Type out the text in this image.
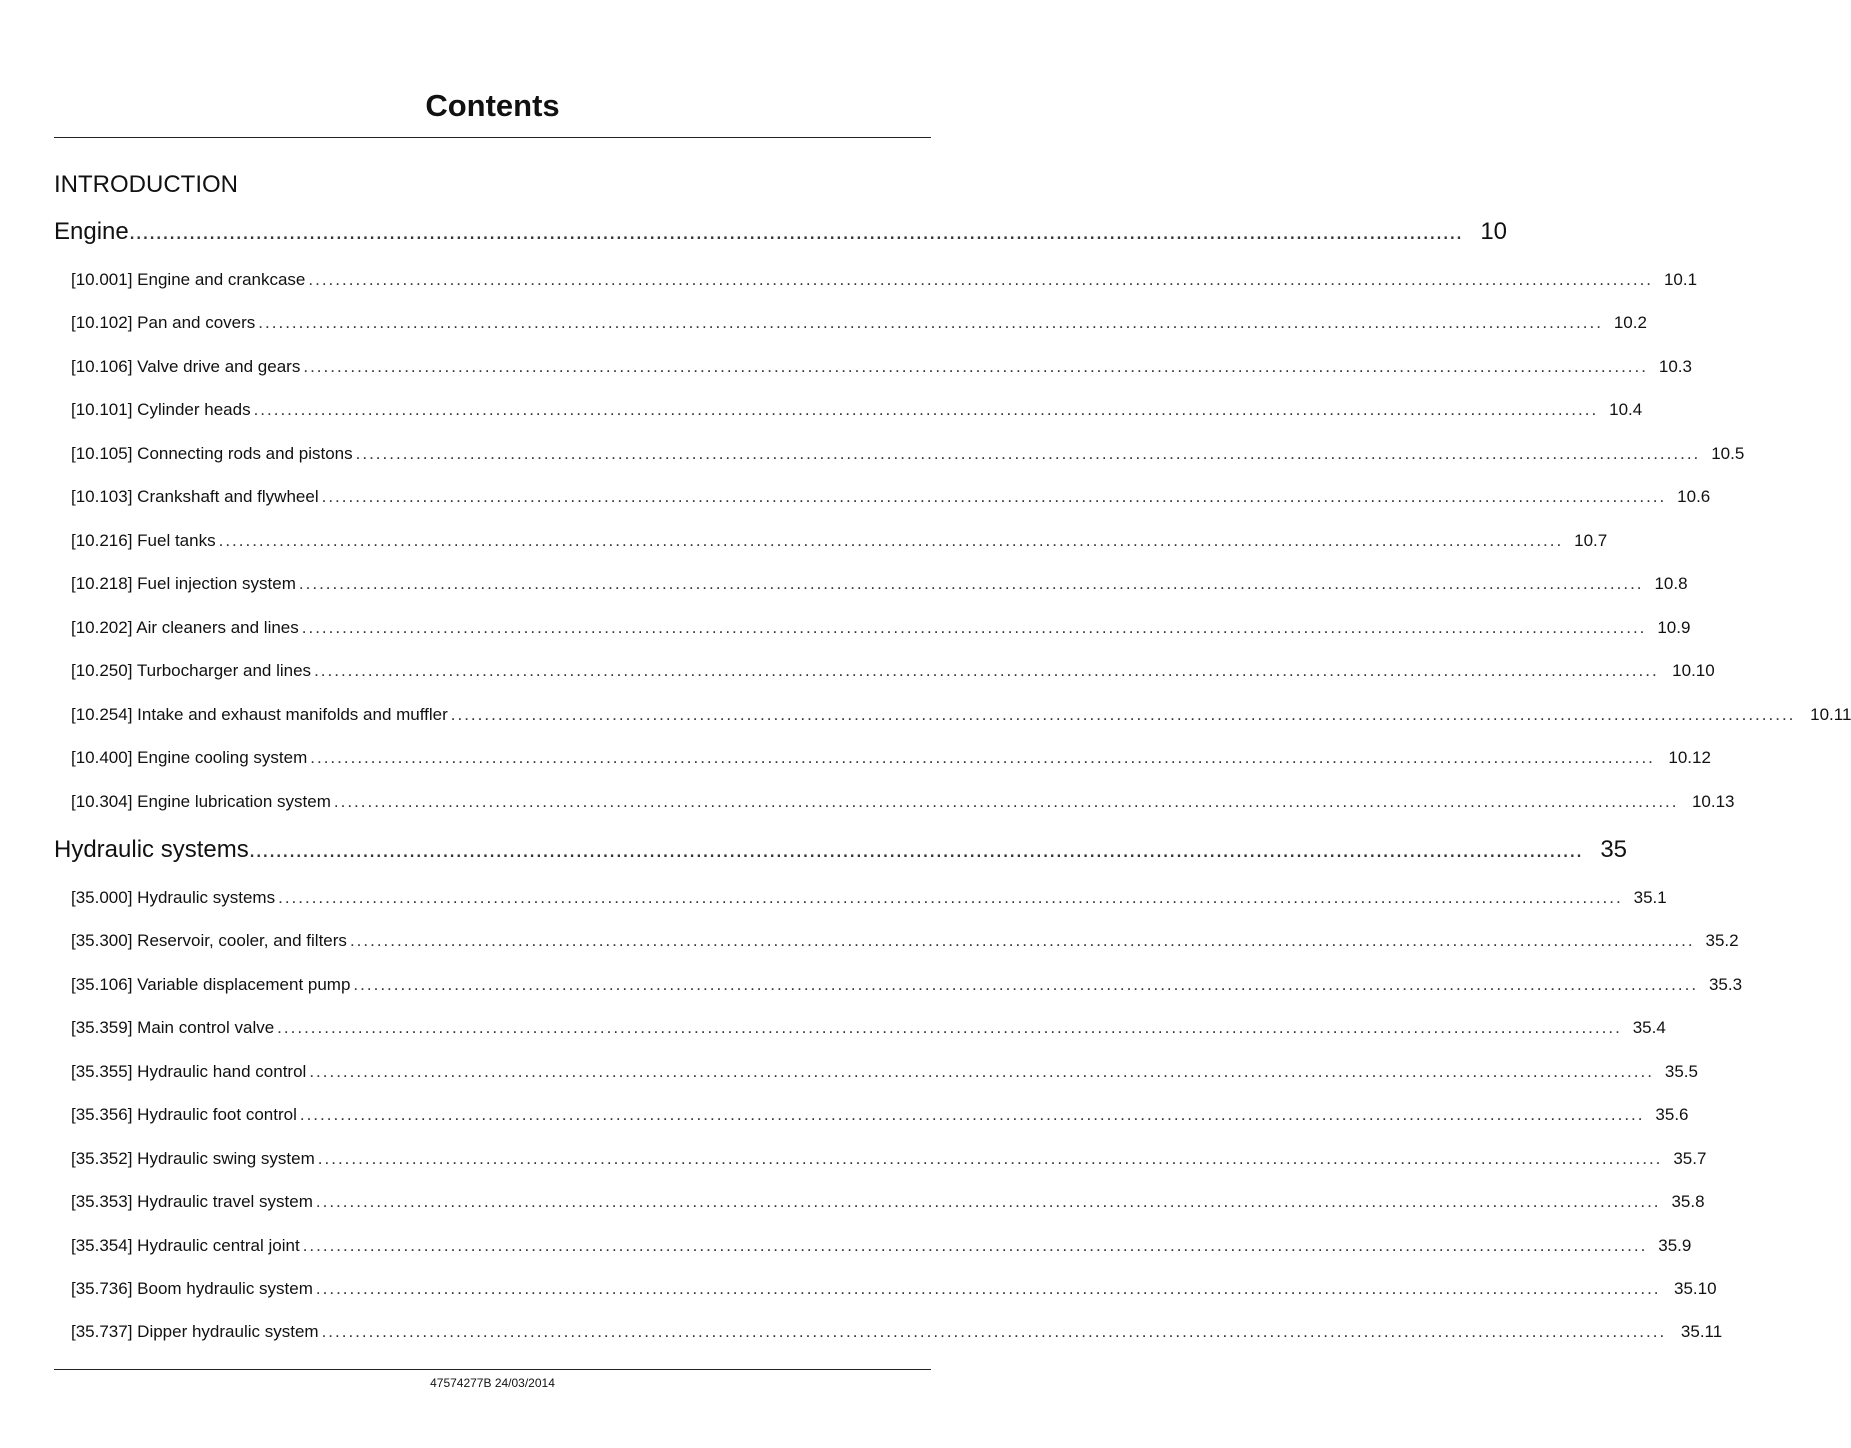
Contents
INTRODUCTION
Engine ........................................................................................................................................................................................................ 10
[10.001] Engine and crankcase ........................................................................................................................................................................................................ 10.1
[10.102] Pan and covers ........................................................................................................................................................................................................ 10.2
[10.106] Valve drive and gears ........................................................................................................................................................................................................ 10.3
[10.101] Cylinder heads ........................................................................................................................................................................................................ 10.4
[10.105] Connecting rods and pistons ........................................................................................................................................................................................................ 10.5
[10.103] Crankshaft and flywheel ........................................................................................................................................................................................................ 10.6
[10.216] Fuel tanks ........................................................................................................................................................................................................ 10.7
[10.218] Fuel injection system ........................................................................................................................................................................................................ 10.8
[10.202] Air cleaners and lines ........................................................................................................................................................................................................ 10.9
[10.250] Turbocharger and lines ........................................................................................................................................................................................................ 10.10
[10.254] Intake and exhaust manifolds and muffler ........................................................................................................................................................................................................ 10.11
[10.400] Engine cooling system ........................................................................................................................................................................................................ 10.12
[10.304] Engine lubrication system ........................................................................................................................................................................................................ 10.13
Hydraulic systems ........................................................................................................................................................................................................ 35
[35.000] Hydraulic systems ........................................................................................................................................................................................................ 35.1
[35.300] Reservoir, cooler, and filters ........................................................................................................................................................................................................ 35.2
[35.106] Variable displacement pump ........................................................................................................................................................................................................ 35.3
[35.359] Main control valve ........................................................................................................................................................................................................ 35.4
[35.355] Hydraulic hand control ........................................................................................................................................................................................................ 35.5
[35.356] Hydraulic foot control ........................................................................................................................................................................................................ 35.6
[35.352] Hydraulic swing system ........................................................................................................................................................................................................ 35.7
[35.353] Hydraulic travel system ........................................................................................................................................................................................................ 35.8
[35.354] Hydraulic central joint ........................................................................................................................................................................................................ 35.9
[35.736] Boom hydraulic system ........................................................................................................................................................................................................ 35.10
[35.737] Dipper hydraulic system ........................................................................................................................................................................................................ 35.11
47574277B 24/03/2014
